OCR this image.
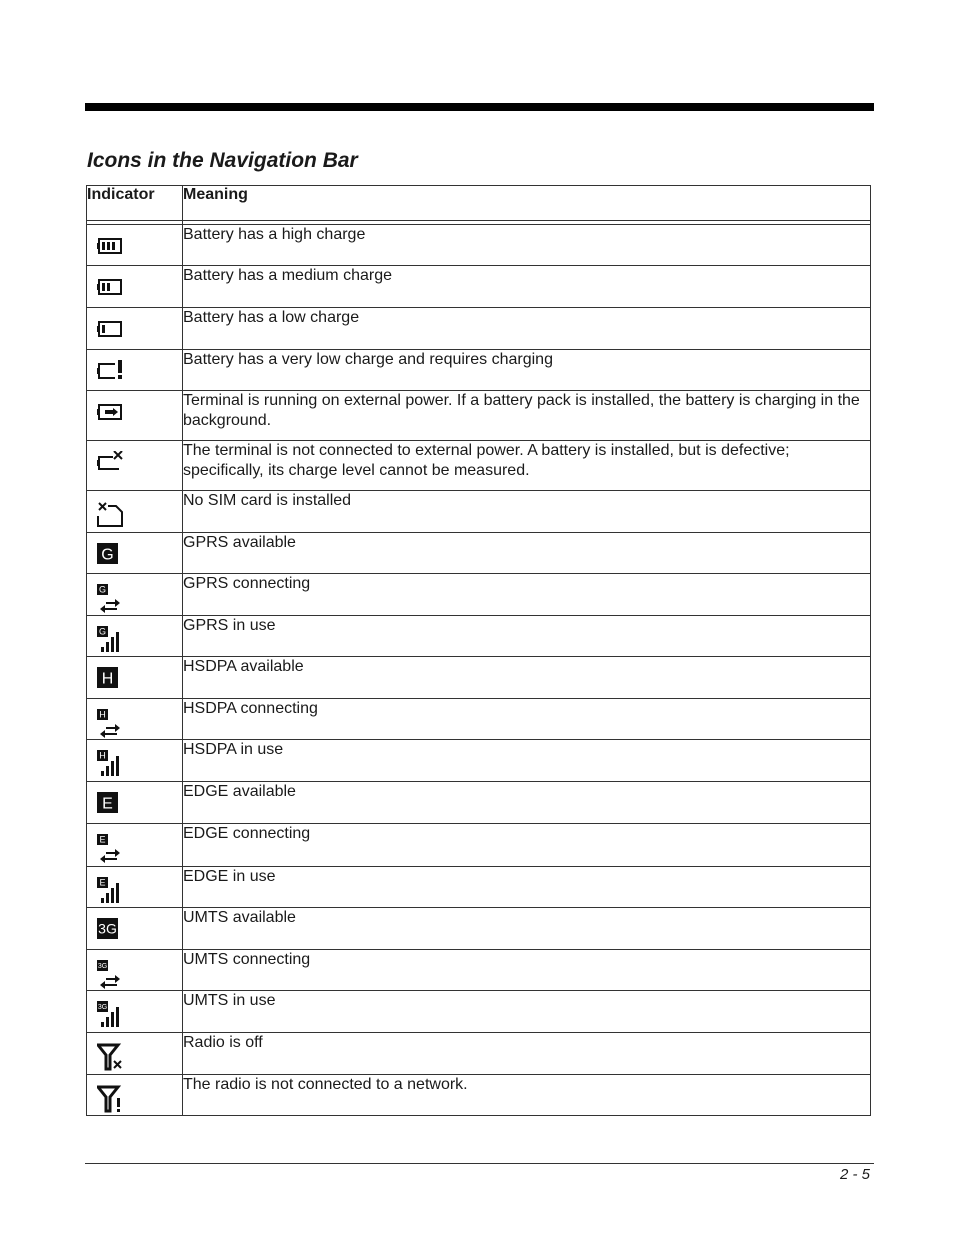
Icons in the Navigation Bar
Indicator	Meaning

	Battery has a high charge

	Battery has a medium charge

	Battery has a low charge

	Battery has a very low charge and requires charging

	Terminal is running on external power. If a battery pack is installed, the battery is charging in the background.

	The terminal is not connected to external power. A battery is installed, but is defective; specifically, its charge level cannot be measured.

	No SIM card is installed

G	GPRS available

G	GPRS connecting

G	GPRS in use

H	HSDPA available

H	HSDPA connecting

H	HSDPA in use

E	EDGE available

E	EDGE connecting

E	EDGE in use

3G	UMTS available

3G	UMTS connecting

3G	UMTS in use

	Radio is off

	The radio is not connected to a network.
2 - 5
